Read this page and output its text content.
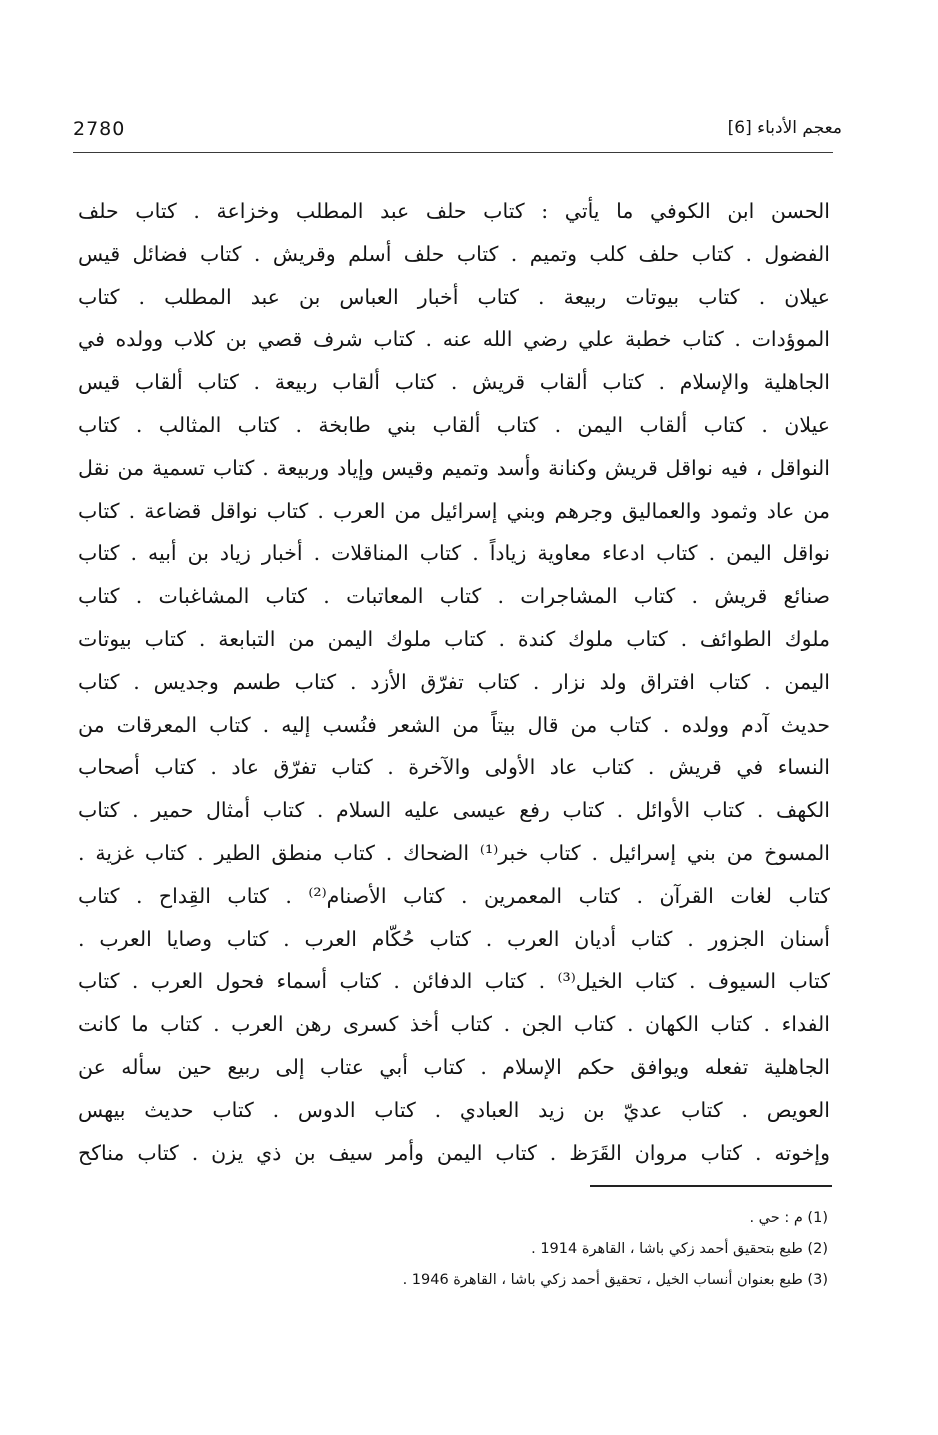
معجم الأدباء [6]
2780
الحسن ابن الكوفي ما يأتي : كتاب حلف عبد المطلب وخزاعة . كتاب حلف
الفضول . كتاب حلف كلب وتميم . كتاب حلف أسلم وقريش . كتاب فضائل قيس
عيلان . كتاب بيوتات ربيعة . كتاب أخبار العباس بن عبد المطلب . كتاب
الموؤدات . كتاب خطبة علي رضي الله عنه . كتاب شرف قصي بن كلاب وولده في
الجاهلية والإسلام . كتاب ألقاب قريش . كتاب ألقاب ربيعة . كتاب ألقاب قيس
عيلان . كتاب ألقاب اليمن . كتاب ألقاب بني طابخة . كتاب المثالب . كتاب
النواقل ، فيه نواقل قريش وكنانة وأسد وتميم وقيس وإياد وربيعة . كتاب تسمية من نقل
من عاد وثمود والعماليق وجرهم وبني إسرائيل من العرب . كتاب نواقل قضاعة . كتاب
نواقل اليمن . كتاب ادعاء معاوية زياداً . كتاب المناقلات . أخبار زياد بن أبيه . كتاب
صنائع قريش . كتاب المشاجرات . كتاب المعاتبات . كتاب المشاغبات . كتاب
ملوك الطوائف . كتاب ملوك كندة . كتاب ملوك اليمن من التبابعة . كتاب بيوتات
اليمن . كتاب افتراق ولد نزار . كتاب تفرّق الأزد . كتاب طسم وجديس . كتاب
حديث آدم وولده . كتاب من قال بيتاً من الشعر فنُسب إليه . كتاب المعرقات من
النساء في قريش . كتاب عاد الأولى والآخرة . كتاب تفرّق عاد . كتاب أصحاب
الكهف . كتاب الأوائل . كتاب رفع عيسى عليه السلام . كتاب أمثال حمير . كتاب
المسوخ من بني إسرائيل . كتاب خبر⁽¹⁾ الضحاك . كتاب منطق الطير . كتاب غزية .
كتاب لغات القرآن . كتاب المعمرين . كتاب الأصنام⁽²⁾ . كتاب القِداح . كتاب
أسنان الجزور . كتاب أديان العرب . كتاب حُكّام العرب . كتاب وصايا العرب .
كتاب السيوف . كتاب الخيل⁽³⁾ . كتاب الدفائن . كتاب أسماء فحول العرب . كتاب
الفداء . كتاب الكهان . كتاب الجن . كتاب أخذ كسرى رهن العرب . كتاب ما كانت
الجاهلية تفعله ويوافق حكم الإسلام . كتاب أبي عتاب إلى ربيع حين سأله عن
العويص . كتاب عديّ بن زيد العبادي . كتاب الدوس . كتاب حديث بيهس
وإخوته . كتاب مروان القَرَظ . كتاب اليمن وأمر سيف بن ذي يزن . كتاب مناكح
(1) م : حي .
(2) طبع بتحقيق أحمد زكي باشا ، القاهرة 1914 .
(3) طبع بعنوان أنساب الخيل ، تحقيق أحمد زكي باشا ، القاهرة 1946 .
